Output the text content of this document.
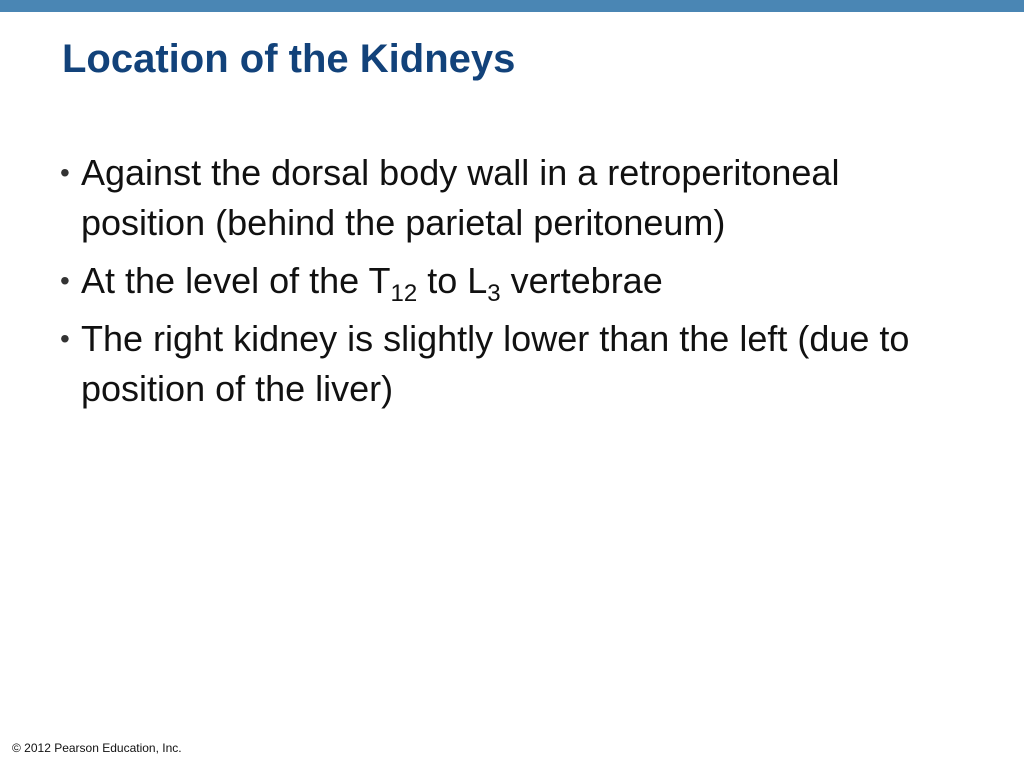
Location of the Kidneys
• Against the dorsal body wall in a retroperitoneal position (behind the parietal peritoneum)
• At the level of the $T_{12}$ to $L_3$ vertebrae
• The right kidney is slightly lower than the left (due to position of the liver)
© 2012 Pearson Education, Inc.
